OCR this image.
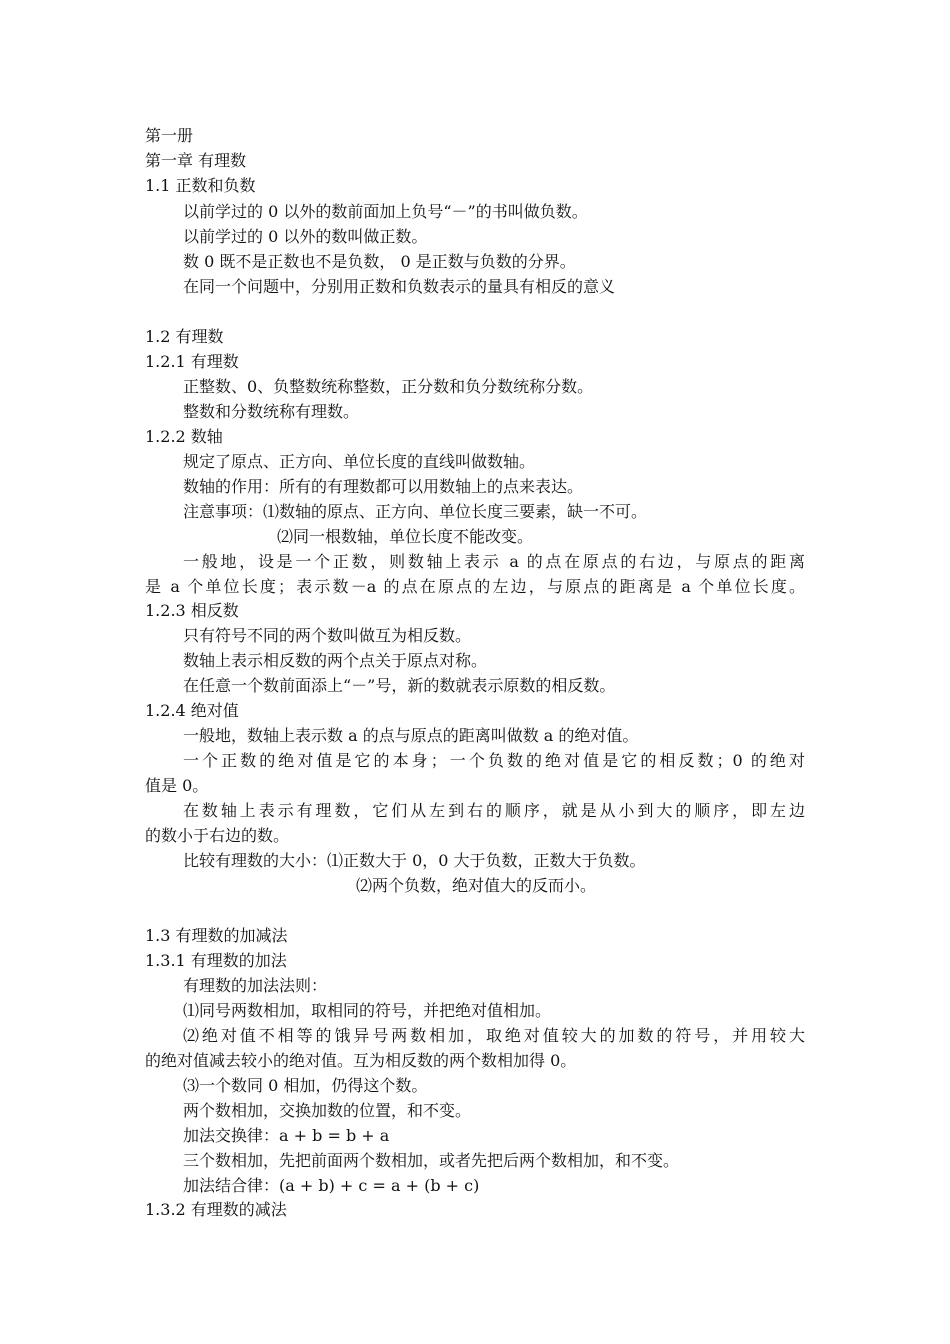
第一册
第一章 有理数
1.1 正数和负数
以前学过的 0 以外的数前面加上负号“－”的书叫做负数。
以前学过的 0 以外的数叫做正数。
数 0 既不是正数也不是负数， 0 是正数与负数的分界。
在同一个问题中，分别用正数和负数表示的量具有相反的意义
1.2 有理数
1.2.1 有理数
正整数、0、负整数统称整数，正分数和负分数统称分数。
整数和分数统称有理数。
1.2.2 数轴
规定了原点、正方向、单位长度的直线叫做数轴。
数轴的作用：所有的有理数都可以用数轴上的点来表达。
注意事项：⑴数轴的原点、正方向、单位长度三要素，缺一不可。
⑵同一根数轴，单位长度不能改变。
一般地，设是一个正数，则数轴上表示 a 的点在原点的右边，与原点的距离
是 a 个单位长度；表示数－a 的点在原点的左边，与原点的距离是 a 个单位长度。
1.2.3 相反数
只有符号不同的两个数叫做互为相反数。
数轴上表示相反数的两个点关于原点对称。
在任意一个数前面添上“－”号，新的数就表示原数的相反数。
1.2.4 绝对值
一般地，数轴上表示数 a 的点与原点的距离叫做数 a 的绝对值。
一个正数的绝对值是它的本身；一个负数的绝对值是它的相反数；0 的绝对
值是 0。
在数轴上表示有理数，它们从左到右的顺序，就是从小到大的顺序，即左边
的数小于右边的数。
比较有理数的大小：⑴正数大于 0，0 大于负数，正数大于负数。
⑵两个负数，绝对值大的反而小。
1.3 有理数的加减法
1.3.1 有理数的加法
有理数的加法法则：
⑴同号两数相加，取相同的符号，并把绝对值相加。
⑵绝对值不相等的饿异号两数相加，取绝对值较大的加数的符号，并用较大
的绝对值减去较小的绝对值。互为相反数的两个数相加得 0。
⑶一个数同 0 相加，仍得这个数。
两个数相加，交换加数的位置，和不变。
加法交换律：a + b = b + a
三个数相加，先把前面两个数相加，或者先把后两个数相加，和不变。
加法结合律：(a + b) + c = a + (b + c)
1.3.2 有理数的减法
